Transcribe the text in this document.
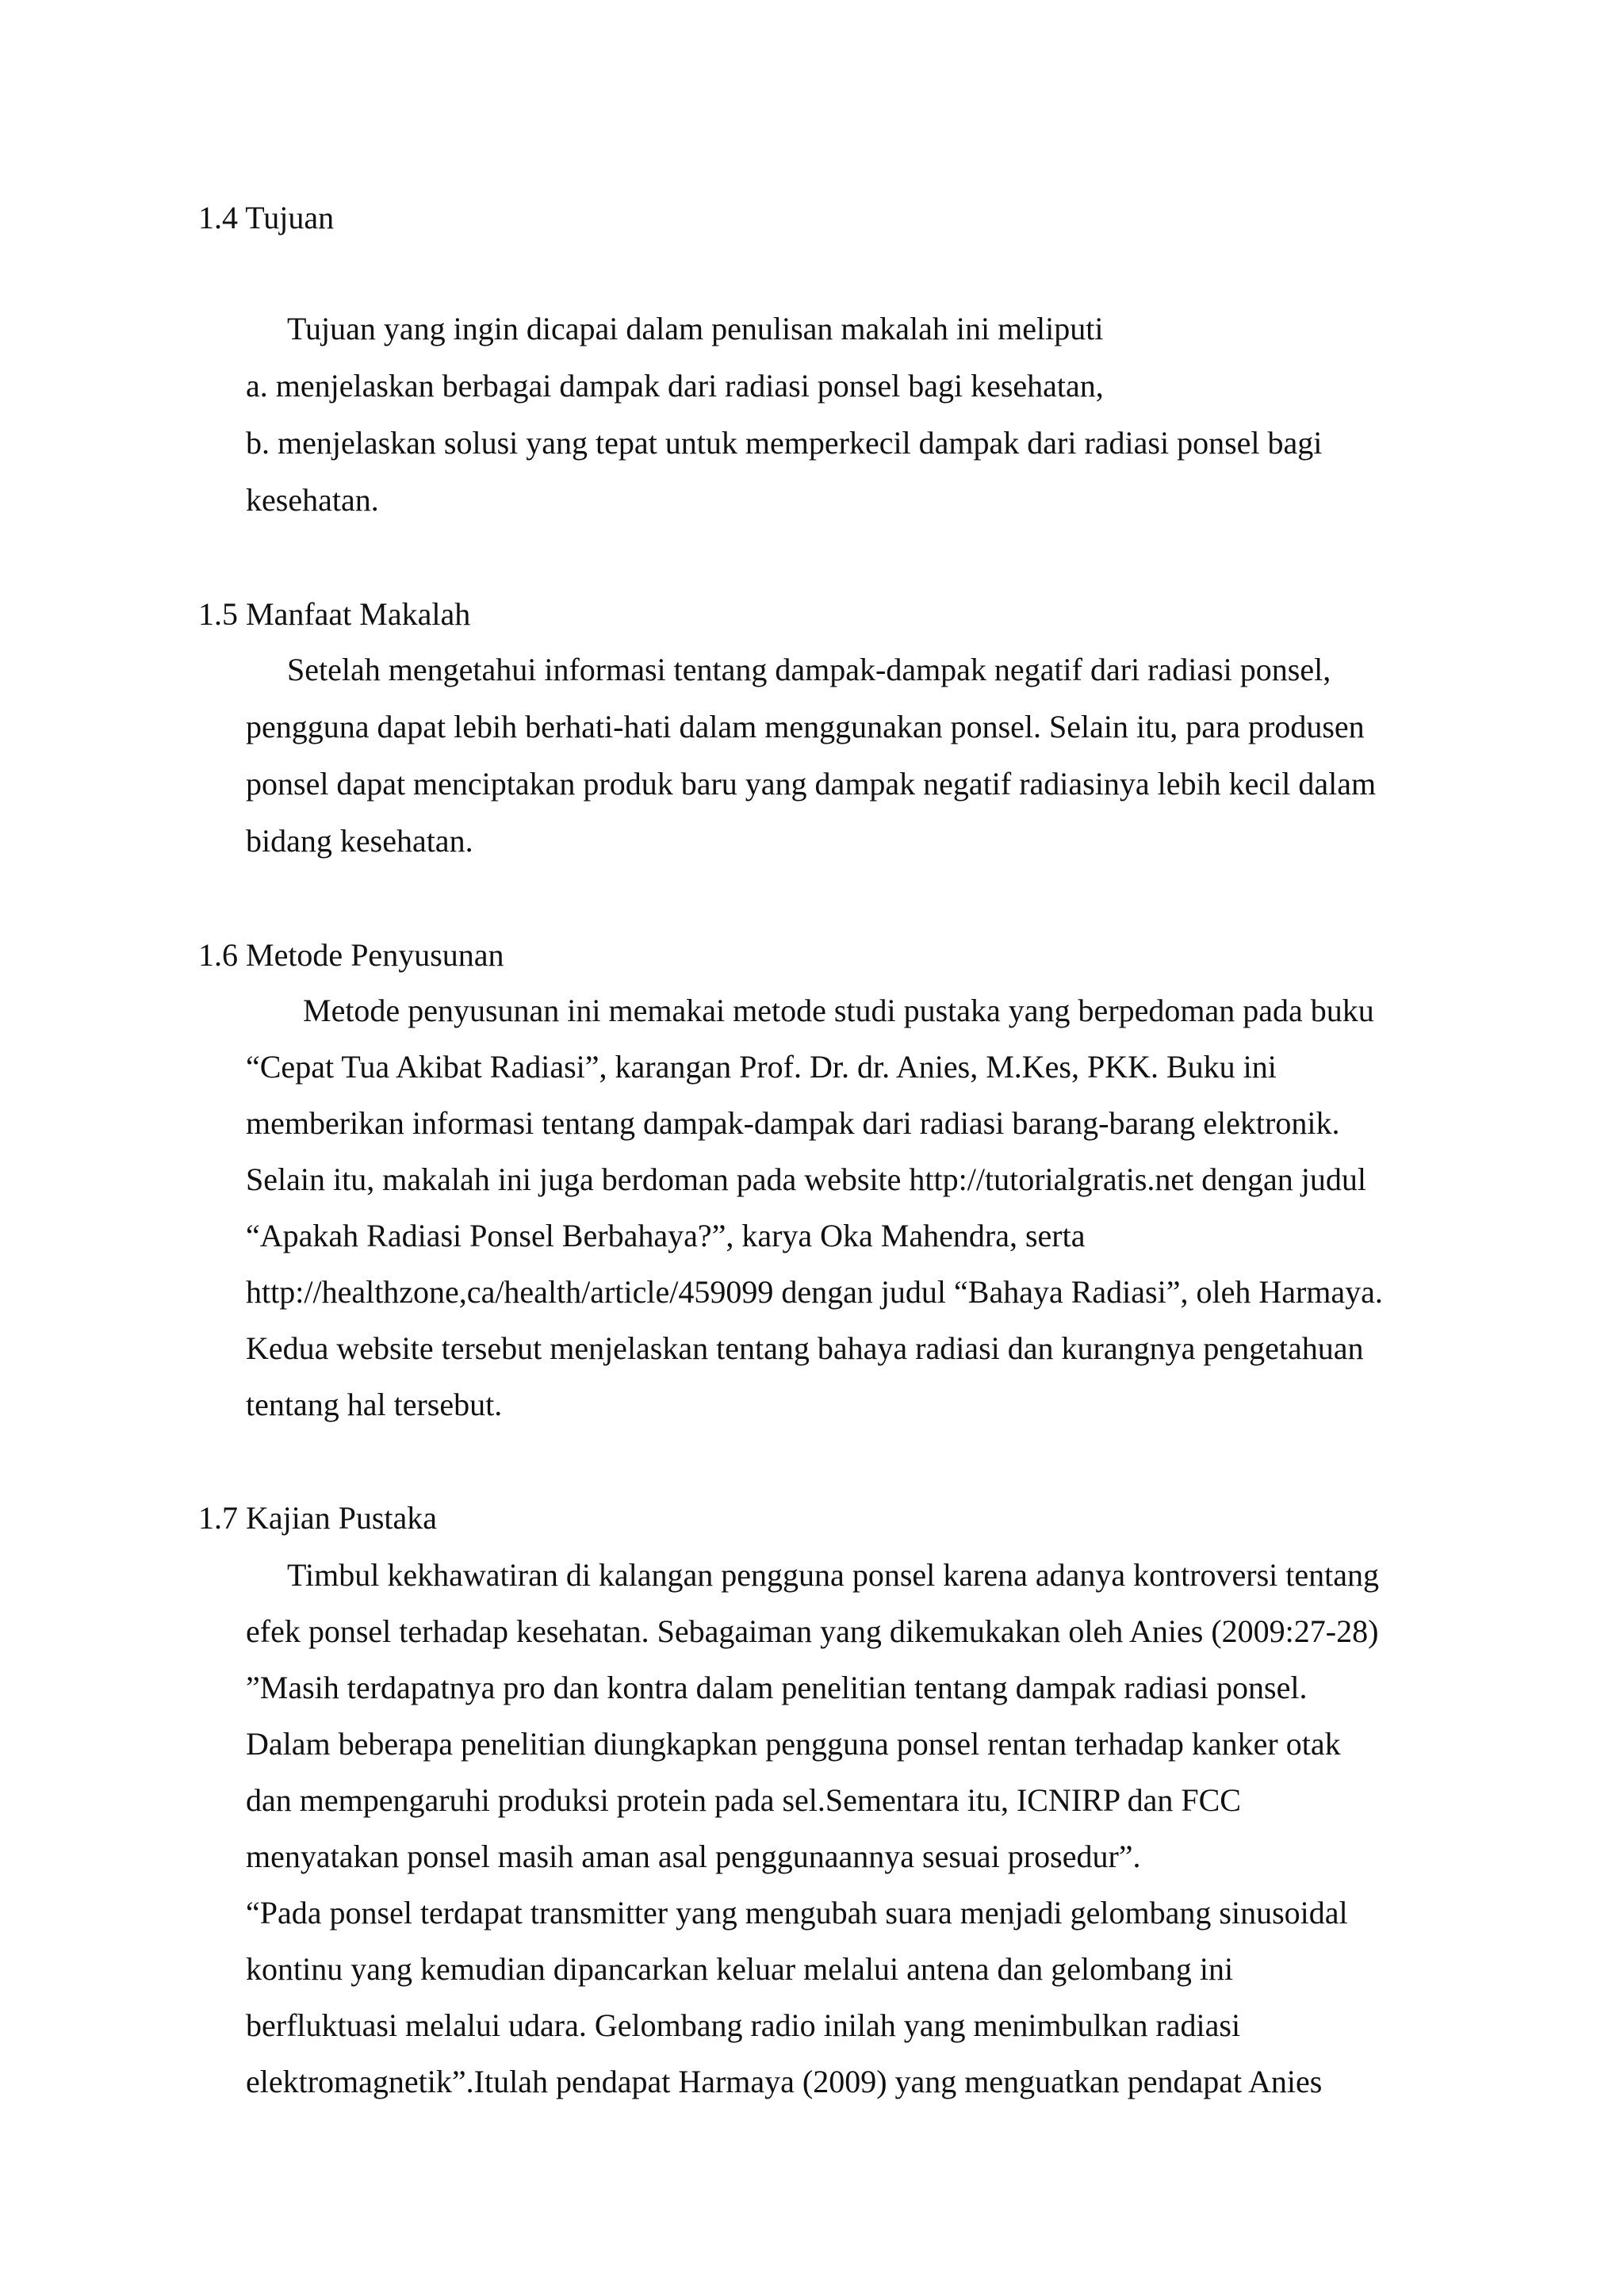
1.4 Tujuan

Tujuan yang ingin dicapai dalam penulisan makalah ini meliputi

a. menjelaskan berbagai dampak dari radiasi ponsel bagi kesehatan,

b. menjelaskan solusi yang tepat untuk memperkecil dampak dari radiasi ponsel bagi

kesehatan.

1.5 Manfaat Makalah

Setelah mengetahui informasi tentang dampak-dampak negatif dari radiasi ponsel,

pengguna dapat lebih berhati-hati dalam menggunakan ponsel. Selain itu, para produsen

ponsel dapat menciptakan produk baru yang dampak negatif radiasinya lebih kecil dalam

bidang kesehatan.

1.6 Metode Penyusunan

Metode penyusunan ini memakai metode studi pustaka yang berpedoman pada buku

“Cepat Tua Akibat Radiasi”, karangan Prof. Dr. dr. Anies, M.Kes, PKK. Buku ini

memberikan informasi tentang dampak-dampak dari radiasi barang-barang elektronik.

Selain itu, makalah ini juga berdoman pada website http://tutorialgratis.net dengan judul

“Apakah Radiasi Ponsel Berbahaya?”, karya Oka Mahendra, serta

http://healthzone,ca/health/article/459099 dengan judul “Bahaya Radiasi”, oleh Harmaya.

Kedua website tersebut menjelaskan tentang bahaya radiasi dan kurangnya pengetahuan

tentang hal tersebut.

1.7 Kajian Pustaka

Timbul kekhawatiran di kalangan pengguna ponsel karena adanya kontroversi tentang

efek ponsel terhadap kesehatan. Sebagaiman yang dikemukakan oleh Anies (2009:27-28)

”Masih terdapatnya pro dan kontra dalam penelitian tentang dampak radiasi ponsel.

Dalam beberapa penelitian diungkapkan pengguna ponsel rentan terhadap kanker otak

dan mempengaruhi produksi protein pada sel.Sementara itu, ICNIRP dan FCC

menyatakan ponsel masih aman asal penggunaannya sesuai prosedur”.

“Pada ponsel terdapat transmitter yang mengubah suara menjadi gelombang sinusoidal

kontinu yang kemudian dipancarkan keluar melalui antena dan gelombang ini

berfluktuasi melalui udara. Gelombang radio inilah yang menimbulkan radiasi

elektromagnetik”.Itulah pendapat Harmaya (2009) yang menguatkan pendapat Anies
